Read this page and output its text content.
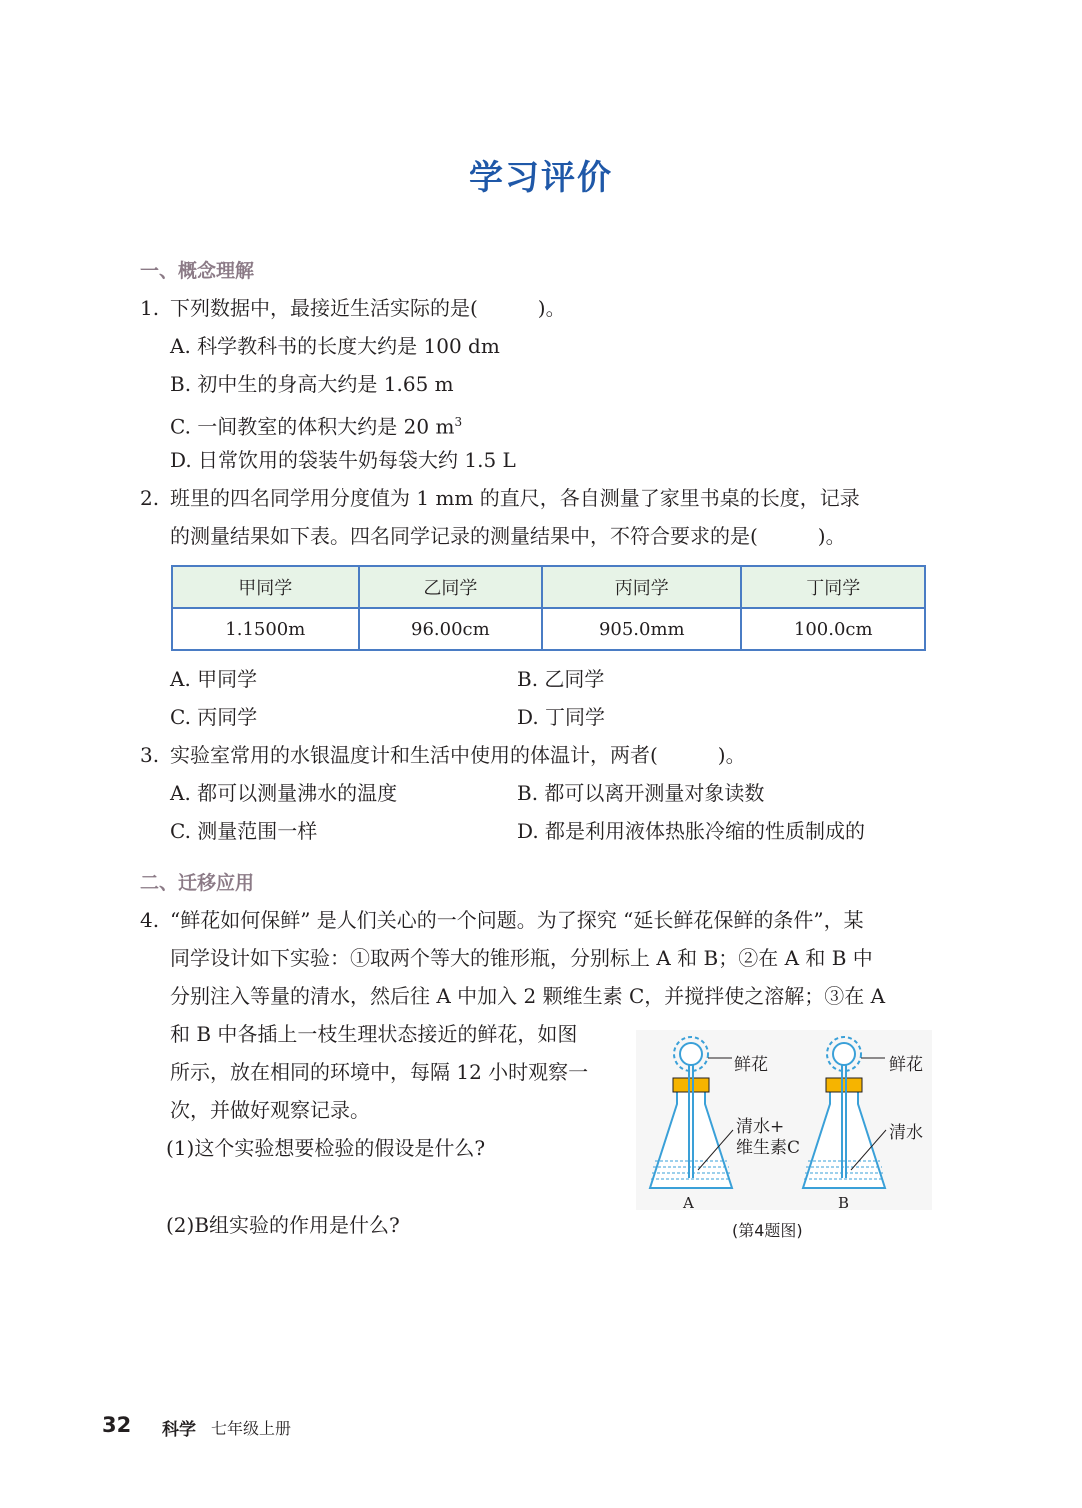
学习评价
一、概念理解
1. 下列数据中，最接近生活实际的是(　　　)。
A. 科学教科书的长度大约是 100 dm
B. 初中生的身高大约是 1.65 m
C. 一间教室的体积大约是 20 $m^3$
D. 日常饮用的袋装牛奶每袋大约 1.5 L
2. 班里的四名同学用分度值为 1 mm 的直尺，各自测量了家里书桌的长度，记录
的测量结果如下表。四名同学记录的测量结果中，不符合要求的是(　　　)。
甲同学	乙同学	丙同学	丁同学
1.1500m	96.00cm	905.0mm	100.0cm
A. 甲同学	B. 乙同学
C. 丙同学	D. 丁同学
3. 实验室常用的水银温度计和生活中使用的体温计，两者(　　　)。
A. 都可以测量沸水的温度	B. 都可以离开测量对象读数
C. 测量范围一样	D. 都是利用液体热胀冷缩的性质制成的
二、迁移应用
4. “鲜花如何保鲜” 是人们关心的一个问题。为了探究 “延长鲜花保鲜的条件”，某
同学设计如下实验：①取两个等大的锥形瓶，分别标上 A 和 B；②在 A 和 B 中
分别注入等量的清水，然后往 A 中加入 2 颗维生素 C，并搅拌使之溶解；③在 A
和 B 中各插上一枝生理状态接近的鲜花，如图
所示，放在相同的环境中，每隔 12 小时观察一
次，并做好观察记录。
(1)这个实验想要检验的假设是什么?
(2)B组实验的作用是什么?
鲜花	鲜花
清水+
维生素C
清水
A	B
(第4题图)
32 科学 七年级上册
